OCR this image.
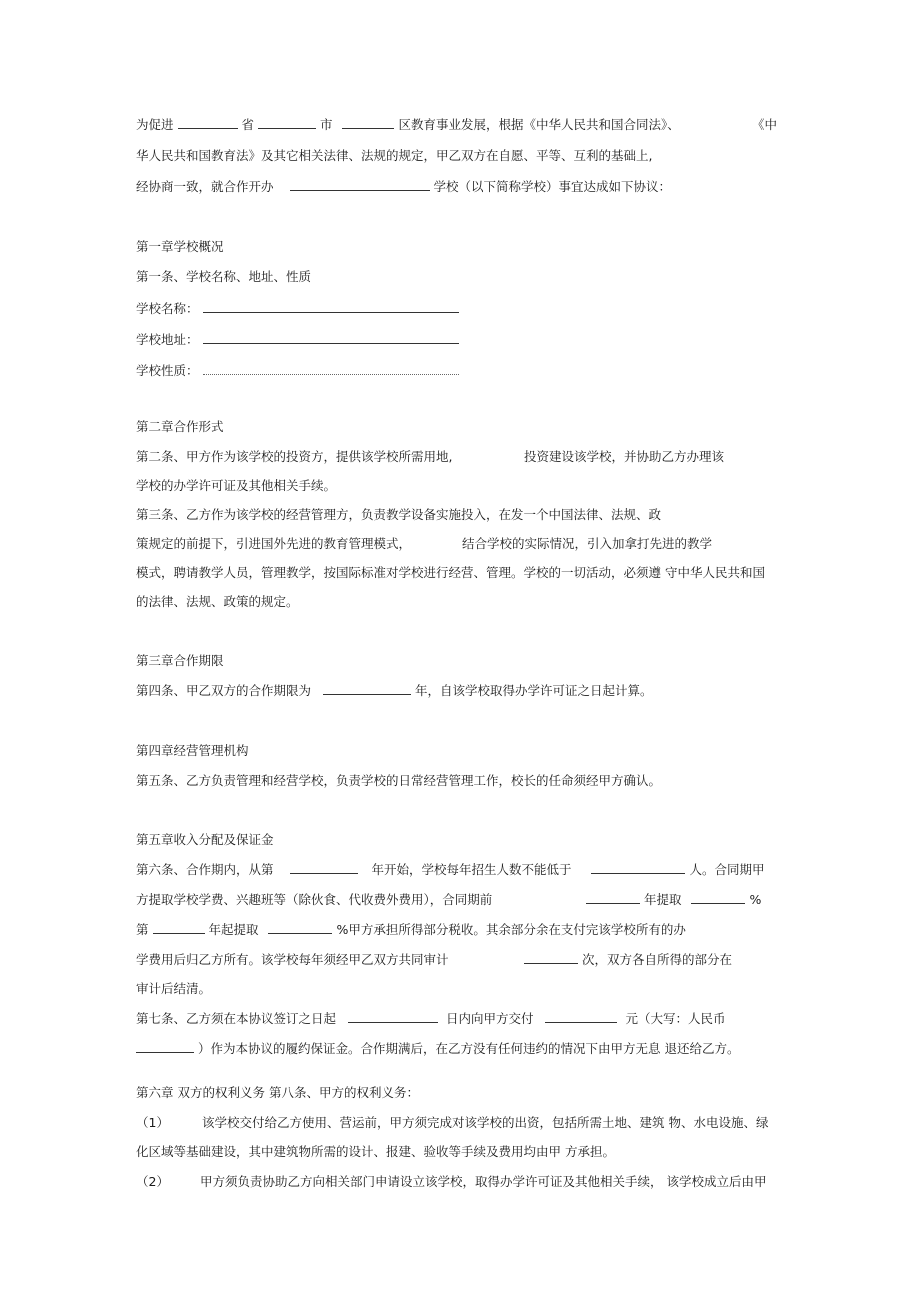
为促进	省	市	区教育事业发展，根据《中华人民共和国合同法》、	《中
华人民共和国教育法》及其它相关法律、法规的规定，甲乙双方在自愿、平等、互利的基础上,
经协商一致，就合作开办	学校（以下简称学校）事宜达成如下协议：
第一章学校概况
第一条、学校名称、地址、性质
学校名称：
学校地址：
学校性质：
第二章合作形式
第二条、甲方作为该学校的投资方，提供该学校所需用地,	投资建设该学校，并协助乙方办理该
学校的办学许可证及其他相关手续。
第三条、乙方作为该学校的经营管理方，负责教学设备实施投入，在发一个中国法律、法规、政
策规定的前提下，引进国外先进的教育管理模式，	结合学校的实际情况，引入加拿打先进的教学
模式，聘请教学人员，管理教学，按国际标准对学校进行经营、管理。学校的一切活动，必须遵 守中华人民共和国
的法律、法规、政策的规定。
第三章合作期限
第四条、甲乙双方的合作期限为	年，自该学校取得办学许可证之日起计算。
第四章经营管理机构
第五条、乙方负责管理和经营学校，负责学校的日常经营管理工作，校长的任命须经甲方确认。
第五章收入分配及保证金
第六条、合作期内，从第	年开始，学校每年招生人数不能低于	人。合同期甲
方提取学校学费、兴趣班等（除伙食、代收费外费用），合同期前	年提取	%
第	年起提取	%甲方承担所得部分税收。其余部分余在支付完该学校所有的办
学费用后归乙方所有。该学校每年须经甲乙双方共同审计	次，双方各自所得的部分在
审计后结清。
第七条、乙方须在本协议签订之日起	日内向甲方交付	元（大写：人民币
）作为本协议的履约保证金。合作期满后，在乙方没有任何违约的情况下由甲方无息 退还给乙方。
第六章 双方的权利义务 第八条、甲方的权利义务：
（1）	该学校交付给乙方使用、营运前，甲方须完成对该学校的出资，包括所需土地、建筑 物、水电设施、绿
化区域等基础建设，其中建筑物所需的设计、报建、验收等手续及费用均由甲 方承担。
（2） 甲方须负责协助乙方向相关部门申请设立该学校，取得办学许可证及其他相关手续， 该学校成立后由甲
